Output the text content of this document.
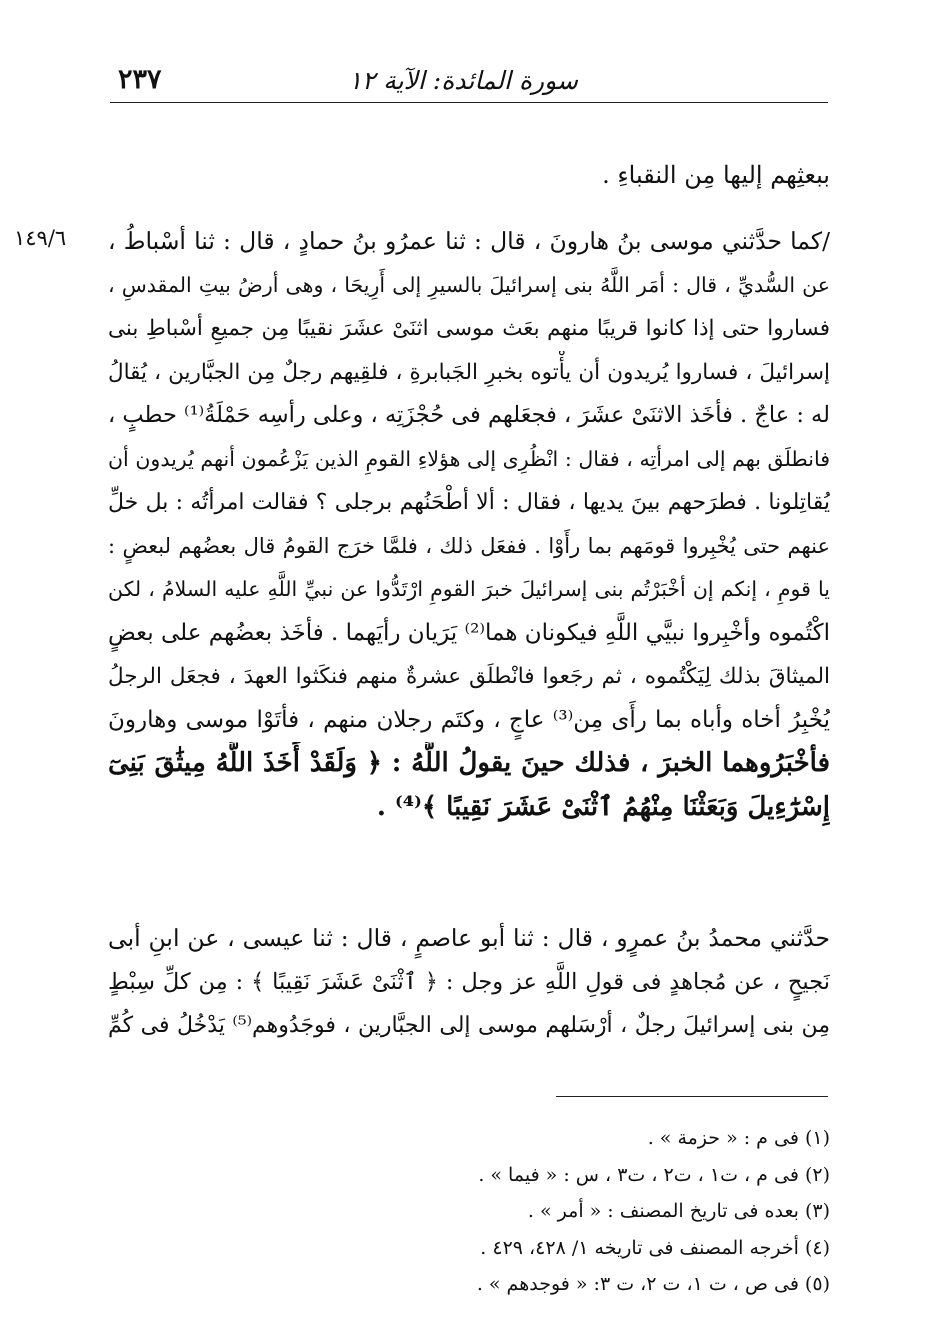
سورة المائدة: الآية ١٢
٢٣٧
١٤٩/٦
ببعثِهم إليها مِن النقباءِ .
/كما حدَّثني موسى بنُ هارونَ ، قال : ثنا عمرُو بنُ حمادٍ ، قال : ثنا أسْباطُ ،
عن السُّديِّ ، قال : أمَر اللَّهُ بنى إسرائيلَ بالسيرِ إلى أَرِيحَا ، وهى أرضُ بيتِ المقدسِ ،
فساروا حتى إذا كانوا قريبًا منهم بعَث موسى اثنَىْ عشَرَ نقيبًا مِن جميعِ أسْباطِ بنى
إسرائيلَ ، فساروا يُريدون أن يأْتوه بخبرِ الجَبابرةِ ، فلقِيهم رجلٌ مِن الجبَّارين ، يُقالُ
له : عاجٌ . فأخَذ الاثنَىْ عشَرَ ، فجعَلهم فى حُجْزَتِه ، وعلى رأسِه حَمْلَةُ⁽¹⁾ حطبٍ ،
فانطلَق بهم إلى امرأتِه ، فقال : انْظُرِى إلى هؤلاءِ القومِ الذين يَزْعُمون أنهم يُريدون أن
يُقاتِلونا . فطرَحهم بينَ يديها ، فقال : ألا أطْحَنُهم برجلى ؟ فقالت امرأتُه : بل خلِّ
عنهم حتى يُخْبِروا قومَهم بما رأَوْا . ففعَل ذلك ، فلمَّا خرَج القومُ قال بعضُهم لبعضٍ :
يا قومِ ، إنكم إن أخْبَرْتُم بنى إسرائيلَ خبرَ القومِ ارْتَدُّوا عن نبيِّ اللَّهِ عليه السلامُ ، لكن
اكْتُموه وأخْبِروا نبيَّي اللَّهِ فيكونان هما⁽²⁾ يَرَيان رأيَهما . فأخَذ بعضُهم على بعضٍ
الميثاقَ بذلك لِيَكْتُموه ، ثم رجَعوا فانْطلَق عشرةٌ منهم فنكَثوا العهدَ ، فجعَل الرجلُ
يُخْبِرُ أخاه وأباه بما رأَى مِن⁽³⁾ عاجٍ ، وكتَم رجلان منهم ، فأتَوْا موسى وهارونَ
فأخْبَرُوهما الخبرَ ، فذلك حينَ يقولُ اللَّهُ : ﴿ وَلَقَدْ أَخَذَ اللَّهُ مِيثَٰقَ بَنِىٓ
إِسْرَٰٓءِيلَ وَبَعَثْنَا مِنْهُمُ ٱثْنَىْ عَشَرَ نَقِيبًا ﴾⁽⁴⁾ .
حدَّثني محمدُ بنُ عمرٍو ، قال : ثنا أبو عاصمٍ ، قال : ثنا عيسى ، عن ابنِ أبى
نَجيحٍ ، عن مُجاهدٍ فى قولِ اللَّهِ عز وجل : ﴿ ٱثْنَىْ عَشَرَ نَقِيبًا ﴾ : مِن كلِّ سِبْطٍ
مِن بنى إسرائيلَ رجلٌ ، أرْسَلهم موسى إلى الجبَّارين ، فوجَدُوهم⁽⁵⁾ يَدْخُلُ فى كُمِّ
(١) فى م : « حزمة » .
(٢) فى م ، ت١ ، ت٢ ، ت٣ ، س : « فيما » .
(٣) بعده فى تاريخ المصنف : « أمر » .
(٤) أخرجه المصنف فى تاريخه ١/ ٤٢٨، ٤٢٩ .
(٥) فى ص ، ت ١، ت ٢، ت ٣: « فوجدهم » .
